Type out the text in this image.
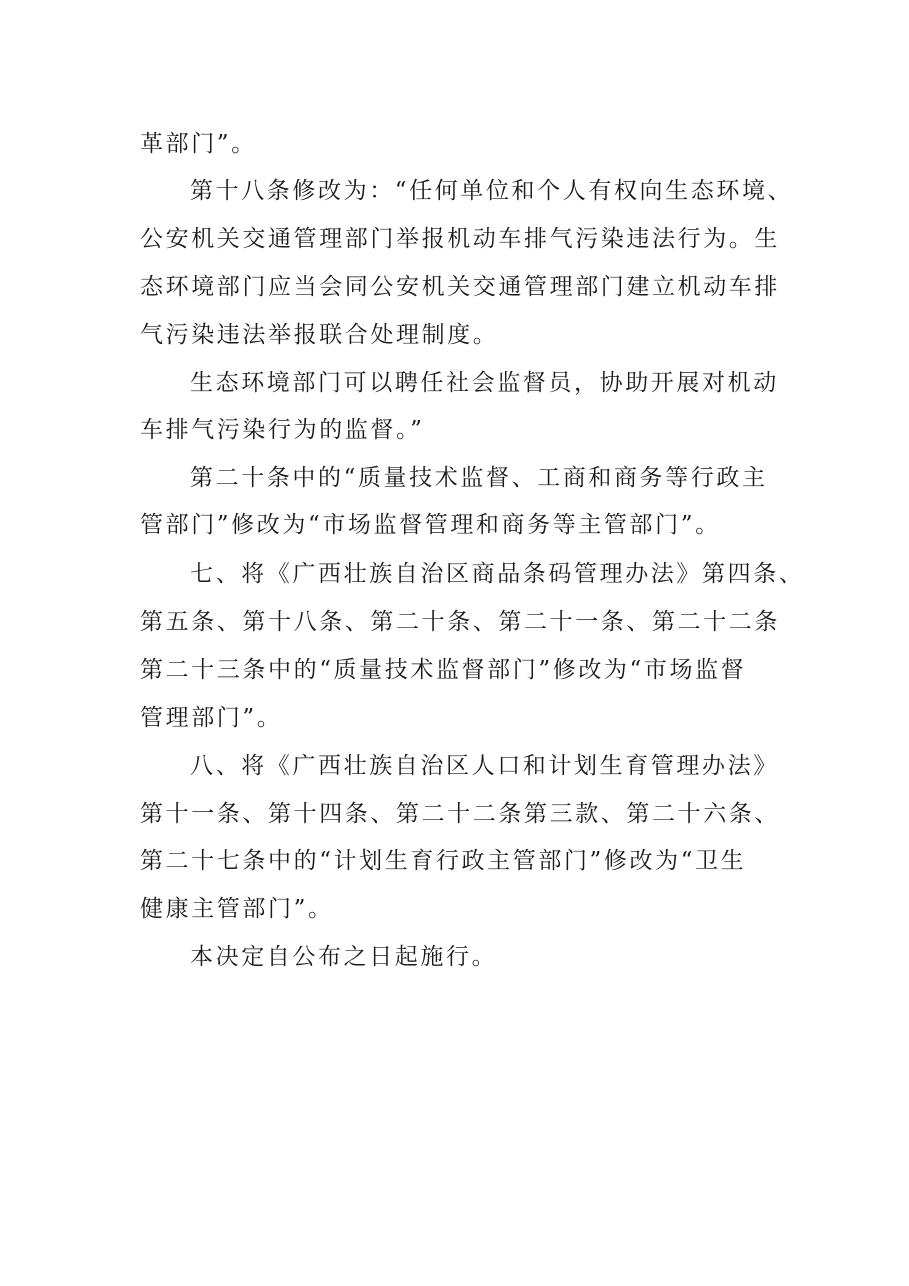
革部门”。
第十八条修改为：“任何单位和个人有权向生态环境、
公安机关交通管理部门举报机动车排气污染违法行为。生
态环境部门应当会同公安机关交通管理部门建立机动车排
气污染违法举报联合处理制度。
生态环境部门可以聘任社会监督员，协助开展对机动
车排气污染行为的监督。”
第二十条中的“质量技术监督、工商和商务等行政主
管部门”修改为“市场监督管理和商务等主管部门”。
七、将《广西壮族自治区商品条码管理办法》第四条、
第五条、第十八条、第二十条、第二十一条、第二十二条
第二十三条中的“质量技术监督部门”修改为“市场监督
管理部门”。
八、将《广西壮族自治区人口和计划生育管理办法》
第十一条、第十四条、第二十二条第三款、第二十六条、
第二十七条中的“计划生育行政主管部门”修改为“卫生
健康主管部门”。
本决定自公布之日起施行。
